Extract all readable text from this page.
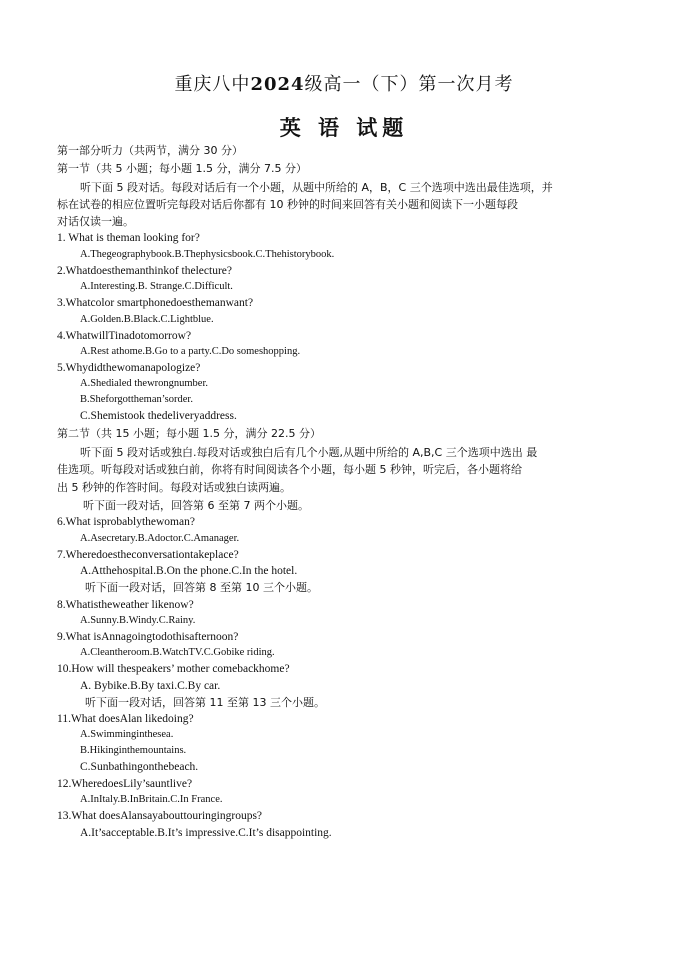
重庆八中2024级高一（下）第一次月考
英 语 试题
第一部分听力（共两节，满分 30 分）
第一节（共 5 小题；每小题 1.5 分，满分 7.5 分）
听下面 5 段对话。每段对话后有一个小题，从题中所给的 A，B，C 三个选项中选出最佳选项，并
标在试卷的相应位置听完每段对话后你都有 10 秒钟的时间来回答有关小题和阅读下一小题每段
对话仅读一遍。
1. What is theman looking for?
A.Thegeographybook.B.Thephysicsbook.C.Thehistorybook.
2.Whatdoesthemanthinkof thelecture?
A.Interesting.B. Strange.C.Difficult.
3.Whatcolor smartphonedoesthemanwant?
A.Golden.B.Black.C.Lightblue.
4.WhatwillTinadotomorrow?
A.Rest athome.B.Go to a party.C.Do someshopping.
5.Whydidthewomanapologize?
A.Shedialed thewrongnumber.
B.Sheforgottheman’sorder.
C.Shemistook thedeliveryaddress.
第二节（共 15 小题；每小题 1.5 分，满分 22.5 分）
听下面 5 段对话或独白.每段对话或独白后有几个小题,从题中所给的 A,B,C 三个选项中选出 最
佳选项。听每段对话或独白前，你将有时间阅读各个小题，每小题 5 秒钟，听完后，各小题将给
出 5 秒钟的作答时间。每段对话或独白读两遍。
听下面一段对话，回答第 6 至第 7 两个小题。
6.What isprobablythewoman?
A.Asecretary.B.Adoctor.C.Amanager.
7.Wheredoestheconversationtakeplace?
A.Atthehospital.B.On the phone.C.In the hotel.
听下面一段对话，回答第 8 至第 10 三个小题。
8.Whatistheweather likenow?
A.Sunny.B.Windy.C.Rainy.
9.What isAnnagoingtodothisafternoon?
A.Cleantheroom.B.WatchTV.C.Gobike riding.
10.How will thespeakers’ mother comebackhome?
A. Bybike.B.By taxi.C.By car.
听下面一段对话，回答第 11 至第 13 三个小题。
11.What doesAlan likedoing?
A.Swimminginthesea.
B.Hikinginthemountains.
C.Sunbathingonthebeach.
12.WheredoesLily’sauntlive?
A.InItaly.B.InBritain.C.In France.
13.What doesAlansayabouttouringingroups?
A.It’sacceptable.B.It’s impressive.C.It’s disappointing.
